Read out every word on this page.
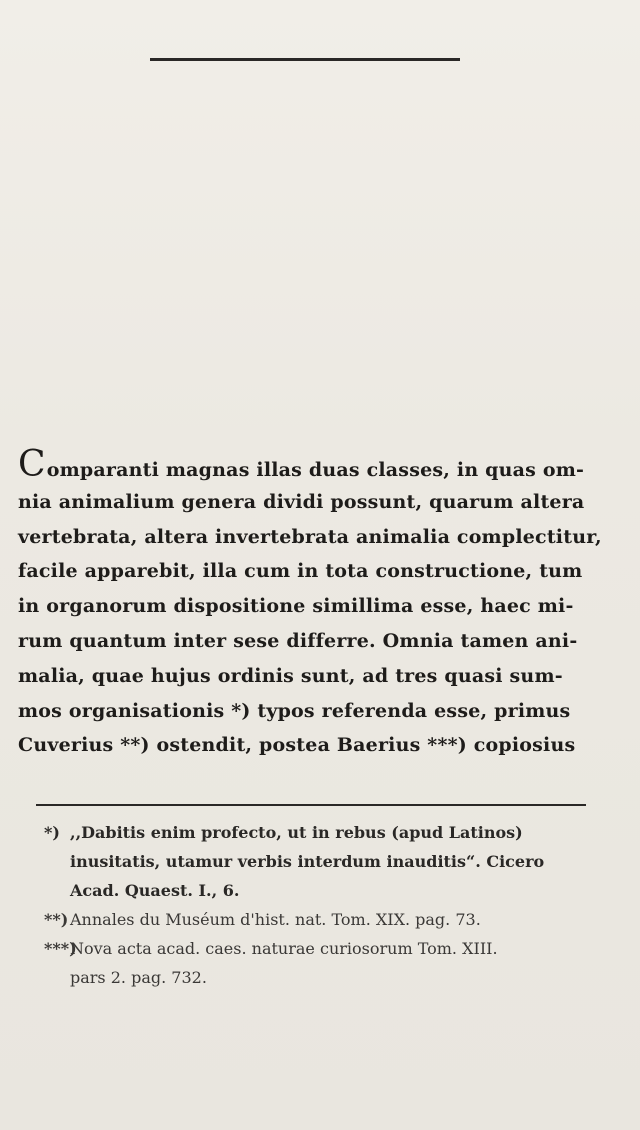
Comparanti magnas illas duas classes, in quas om-
nia animalium genera dividi possunt, quarum altera
vertebrata, altera invertebrata animalia complectitur,
facile apparebit, illa cum in tota constructione, tum
in organorum dispositione simillima esse, haec mi-
rum quantum inter sese differre. Omnia tamen ani-
malia, quae hujus ordinis sunt, ad tres quasi sum-
mos organisationis *) typos referenda esse, primus
Cuverius **) ostendit, postea Baerius ***) copiosius
*) ,,Dabitis enim profecto, ut in rebus (apud Latinos)
inusitatis, utamur verbis interdum inauditis“. Cicero
Acad. Quaest. I., 6.
**) Annales du Muséum d'hist. nat. Tom. XIX. pag. 73.
***)Nova acta acad. caes. naturae curiosorum Tom. XIII.
pars 2. pag. 732.
